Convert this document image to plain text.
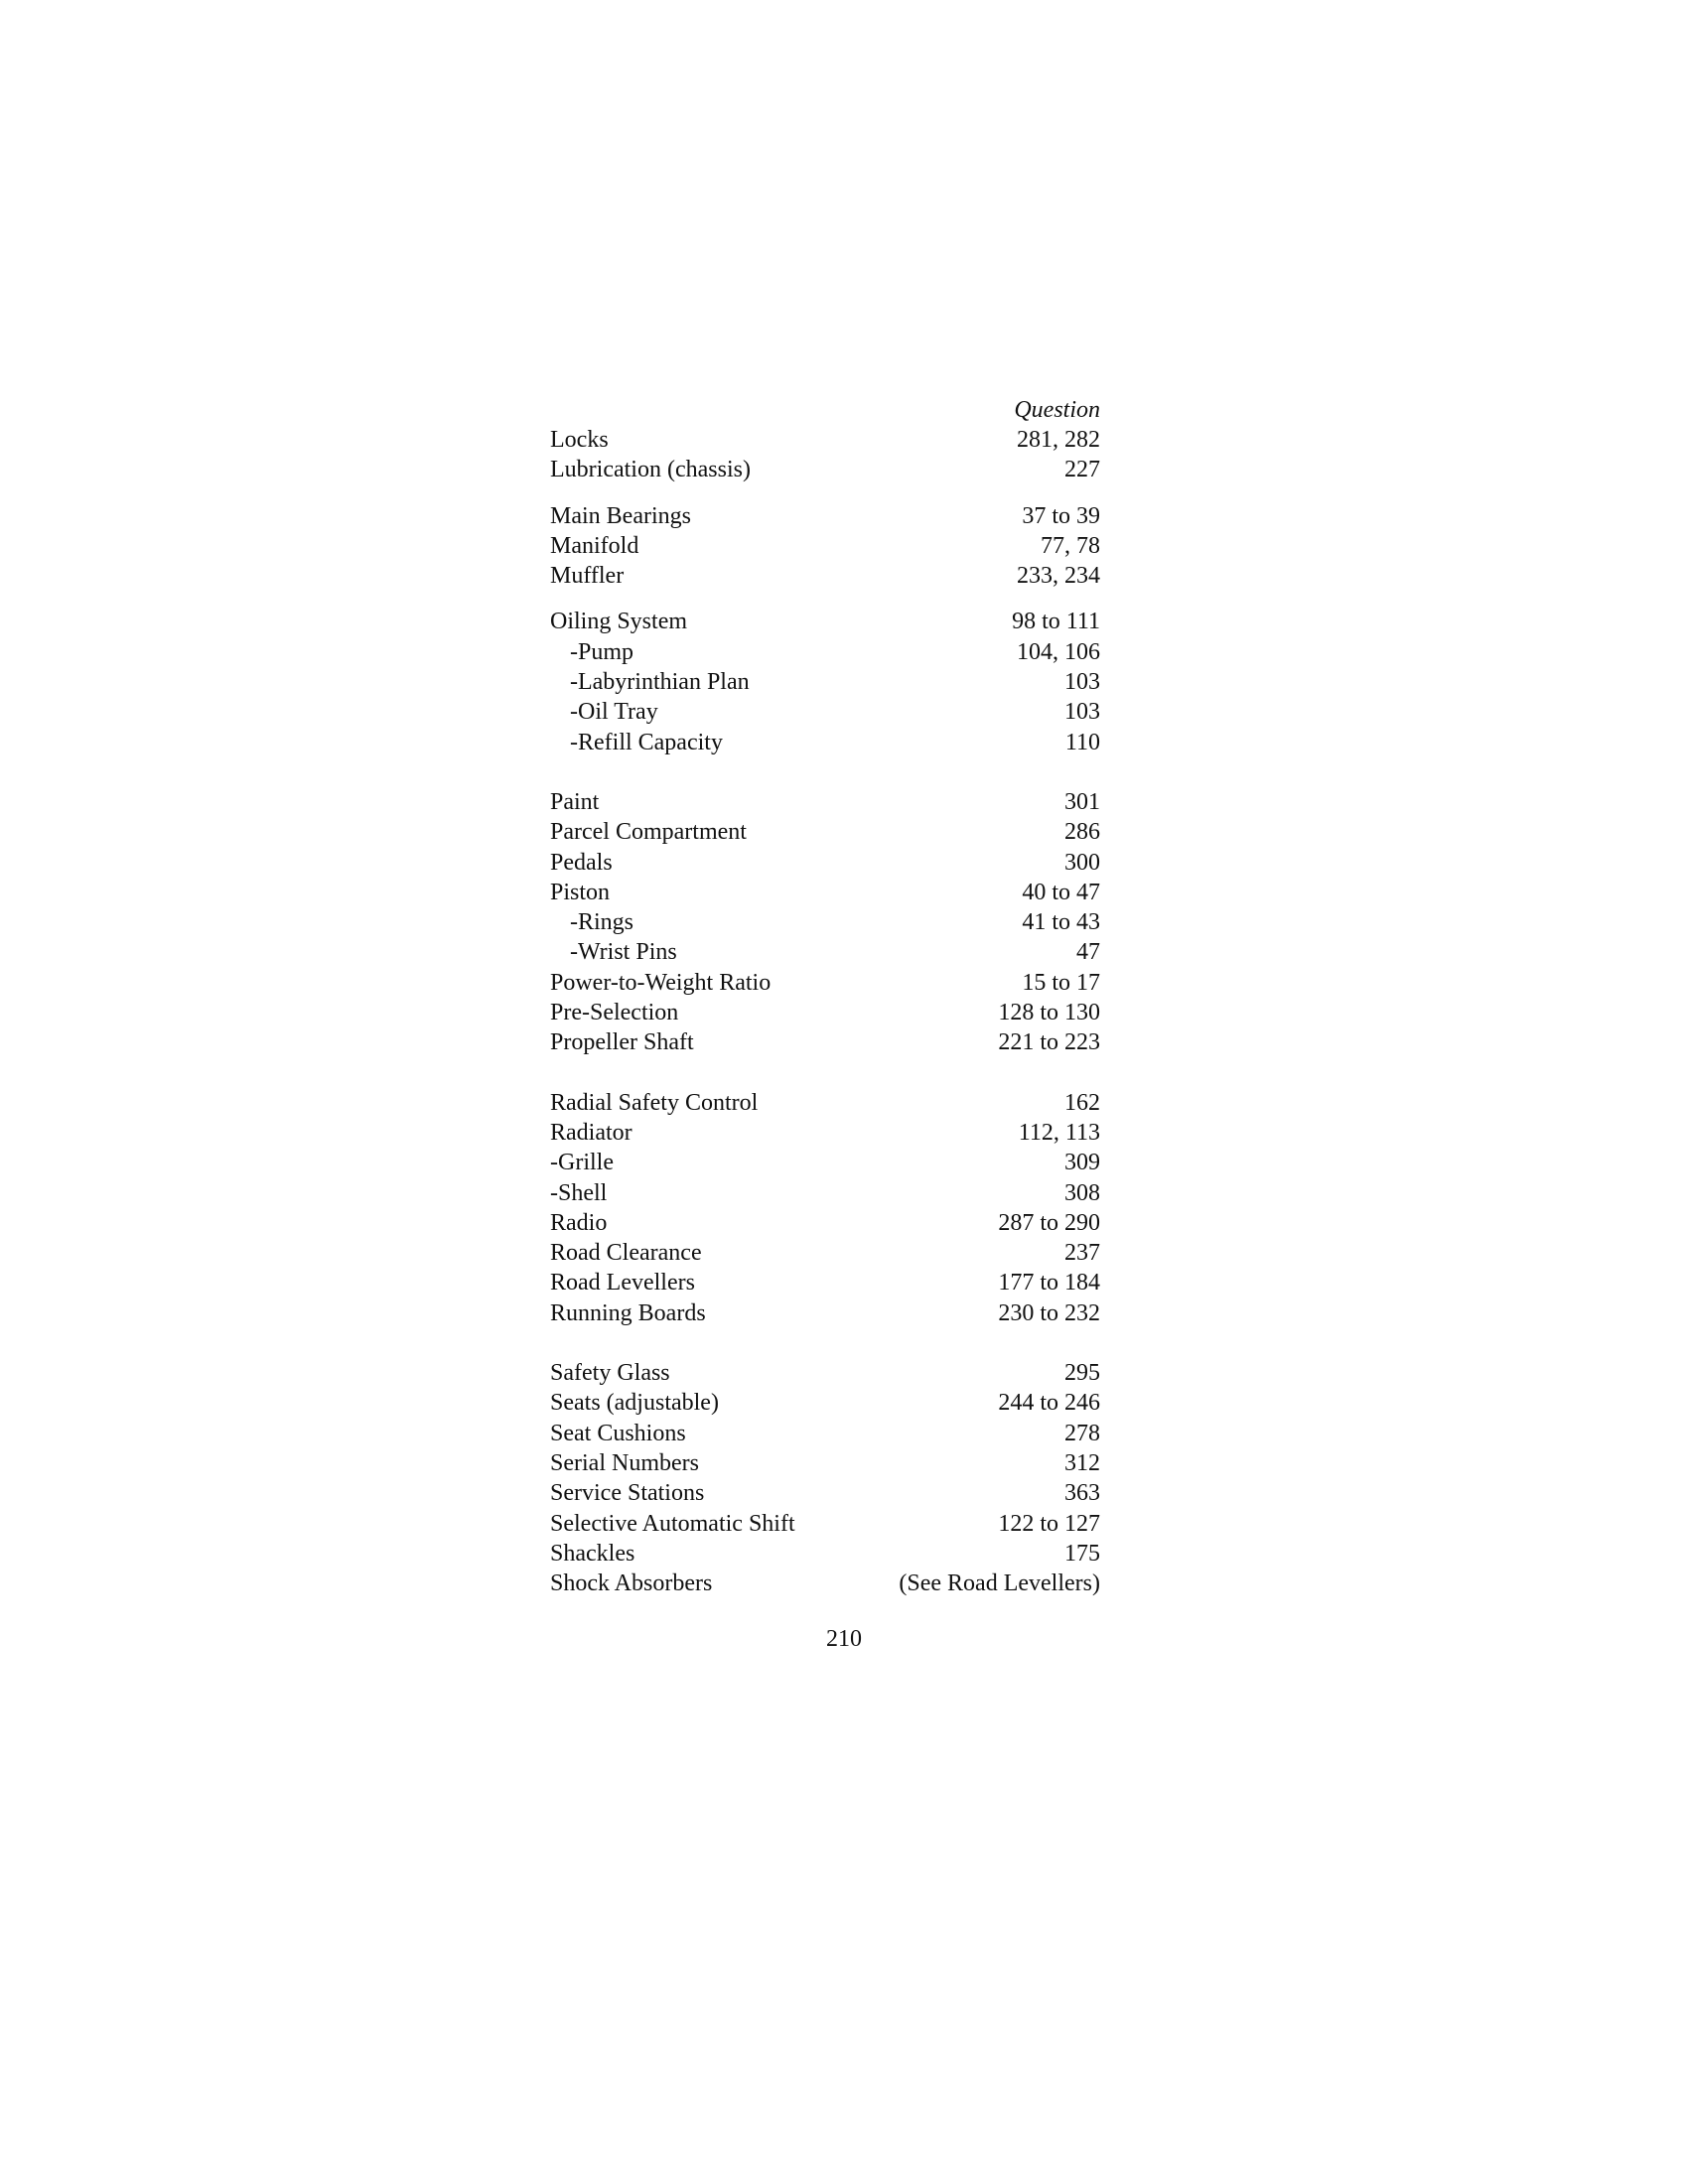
Question
Locks	281, 282
Lubrication (chassis)	227
Main Bearings	37 to 39
Manifold	77, 78
Muffler	233, 234
Oiling System	98 to 111
-Pump	104, 106
-Labyrinthian Plan	103
-Oil Tray	103
-Refill Capacity	110
Paint	301
Parcel Compartment	286
Pedals	300
Piston	40 to 47
-Rings	41 to 43
-Wrist Pins	47
Power-to-Weight Ratio	15 to 17
Pre-Selection	128 to 130
Propeller Shaft	221 to 223
Radial Safety Control	162
Radiator	112, 113
-Grille	309
-Shell	308
Radio	287 to 290
Road Clearance	237
Road Levellers	177 to 184
Running Boards	230 to 232
Safety Glass	295
Seats (adjustable)	244 to 246
Seat Cushions	278
Serial Numbers	312
Service Stations	363
Selective Automatic Shift	122 to 127
Shackles	175
Shock Absorbers	(See Road Levellers)
210
